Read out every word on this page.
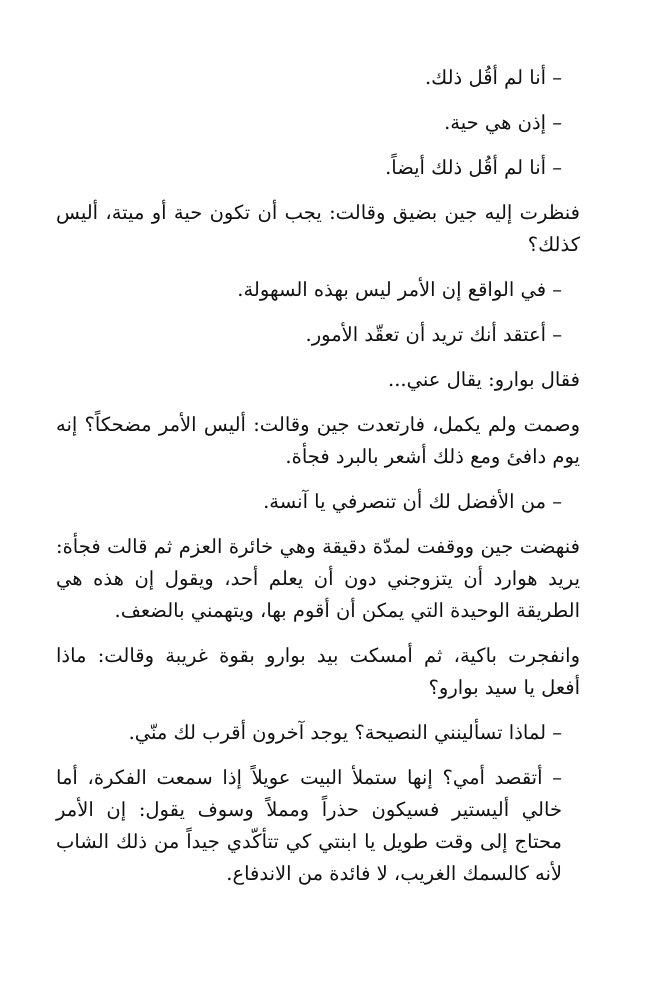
– أنا لم أقُل ذلك.

– إذن هي حية.

– أنا لم أقُل ذلك أيضاً.

فنظرت إليه جين بضيق وقالت: يجب أن تكون حية أو ميتة، أليس كذلك؟

– في الواقع إن الأمر ليس بهذه السهولة.

– أعتقد أنك تريد أن تعقّد الأمور.

فقال بوارو: يقال عني...

وصمت ولم يكمل، فارتعدت جين وقالت: أليس الأمر مضحكاً؟ إنه يوم دافئ ومع ذلك أشعر بالبرد فجأة.

– من الأفضل لك أن تنصرفي يا آنسة.

فنهضت جين ووقفت لمدّة دقيقة وهي خائرة العزم ثم قالت فجأة: يريد هوارد أن يتزوجني دون أن يعلم أحد، ويقول إن هذه هي الطريقة الوحيدة التي يمكن أن أقوم بها، ويتهمني بالضعف.

وانفجرت باكية، ثم أمسكت بيد بوارو بقوة غريبة وقالت: ماذا أفعل يا سيد بوارو؟

– لماذا تسألينني النصيحة؟ يوجد آخرون أقرب لك منّي.

– أتقصد أمي؟ إنها ستملأ البيت عويلاً إذا سمعت الفكرة، أما خالي أليستير فسيكون حذراً ومملاً وسوف يقول: إن الأمر محتاج إلى وقت طويل يا ابنتي كي تتأكّدي جيداً من ذلك الشاب لأنه كالسمك الغريب، لا فائدة من الاندفاع.
